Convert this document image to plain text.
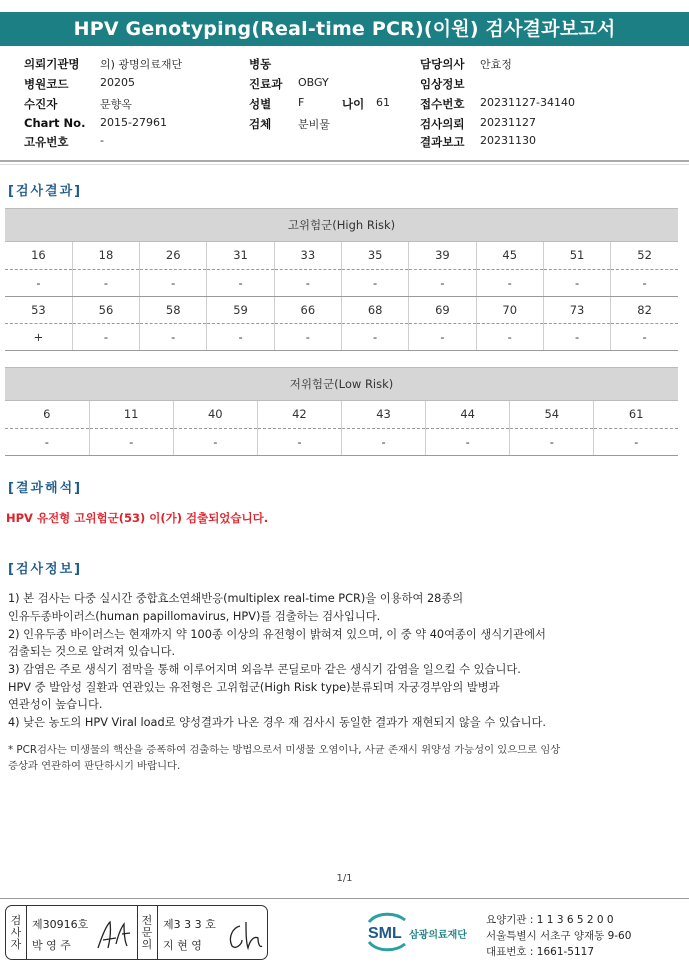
HPV Genotyping(Real-time PCR)(이원) 검사결과보고서
의뢰기관명 의) 광명의료재단	병동	담당의사 안효정
병원코드	20205	진료과 OBGY	임상정보
수진자	문향옥	성별 F	나이 61	접수번호 20231127-34140
Chart No. 2015-27961	검체 분비물	검사의뢰 20231127
고유번호	-	결과보고 20231130
[검사결과]
고위험군(High Risk)
16	18	26	31	33	35	39	45	51	52
-	-	-	-	-	-	-	-	-	-
53	56	58	59	66	68	69	70	73	82
+	-	-	-	-	-	-	-	-	-
저위험군(Low Risk)
6	11	40	42	43	44	54	61
-	-	-	-	-	-	-	-
[결과해석]
HPV 유전형 고위험군(53) 이(가) 검출되었습니다.
[검사정보]
1) 본 검사는 다중 실시간 중합효소연쇄반응(multiplex real-time PCR)을 이용하여 28종의
인유두종바이러스(human papillomavirus, HPV)를 검출하는 검사입니다.
2) 인유두종 바이러스는 현재까지 약 100종 이상의 유전형이 밝혀져 있으며, 이 중 약 40여종이 생식기관에서
검출되는 것으로 알려져 있습니다.
3) 감염은 주로 생식기 점막을 통해 이루어지며 외음부 콘딜로마 같은 생식기 감염을 일으킬 수 있습니다.
HPV 중 발암성 질환과 연관있는 유전형은 고위험군(High Risk type)분류되며 자궁경부암의 발병과
연관성이 높습니다.
4) 낮은 농도의 HPV Viral load로 양성결과가 나온 경우 재 검사시 동일한 결과가 재현되지 않을 수 있습니다.
* PCR검사는 미생물의 핵산을 증폭하여 검출하는 방법으로서 미생물 오염이나, 사균 존재시 위양성 가능성이 있으므로 임상
증상과 연관하여 판단하시기 바랍니다.
1/1
검
사
자
제30916호
박 영 주
전
문
의
제3 3 3 호
지 현 영
SML 삼광의료재단
요양기관 : 1 1 3 6 5 2 0 0
서울특별시 서초구 양재동 9-60
대표번호 : 1661-5117
